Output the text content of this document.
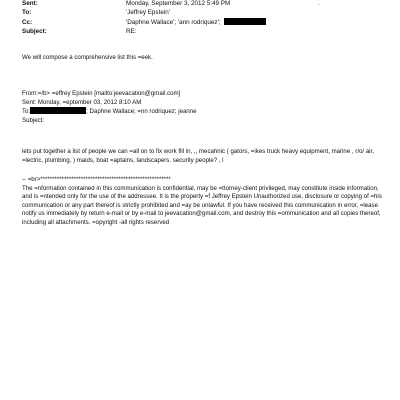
·
Sent:	Monday, September 3, 2012 5:49 PM
To:	'Jeffrey Epstein'
Cc:	'Daphne Wallace'; 'ann rodriquez';
Subject:	RE:
We will compose a comprehensive list this =eek.
From:=/b> =effrey Epstein [mailto:jeevacation@gmail.com]
Sent: Monday, =eptember 03, 2012 8:10 AM
To:	; Daphne Wallace; =nn rodriquez; jeanne
Subject:
lets put together a list of people we can =all on to fix work fill in, ,, mecahnic ( gators, =ikes truck heavy equipment, marine , r/o/ air, =lectric, plumbing, ) maids, boat =aptains, landscapers. security people? , l

-- =br>*******************************************************

The =nformation contained in this communication is confidential, may be =ttorney-client privileged, may constitute inside information, and is =ntended only for the use of the addressee. It is the property =f Jeffrey Epstein Unauthorized use, disclosure or copying of =his communication or any part thereof is strictly prohibited and =ay be unlawful. If you have received this communication in error, =lease notify us immediately by return e-mail or by e-mail to jeevacation@gmail.com, and destroy this =ommunication and all copies thereof, including all attachments. =opyright -all rights reserved
